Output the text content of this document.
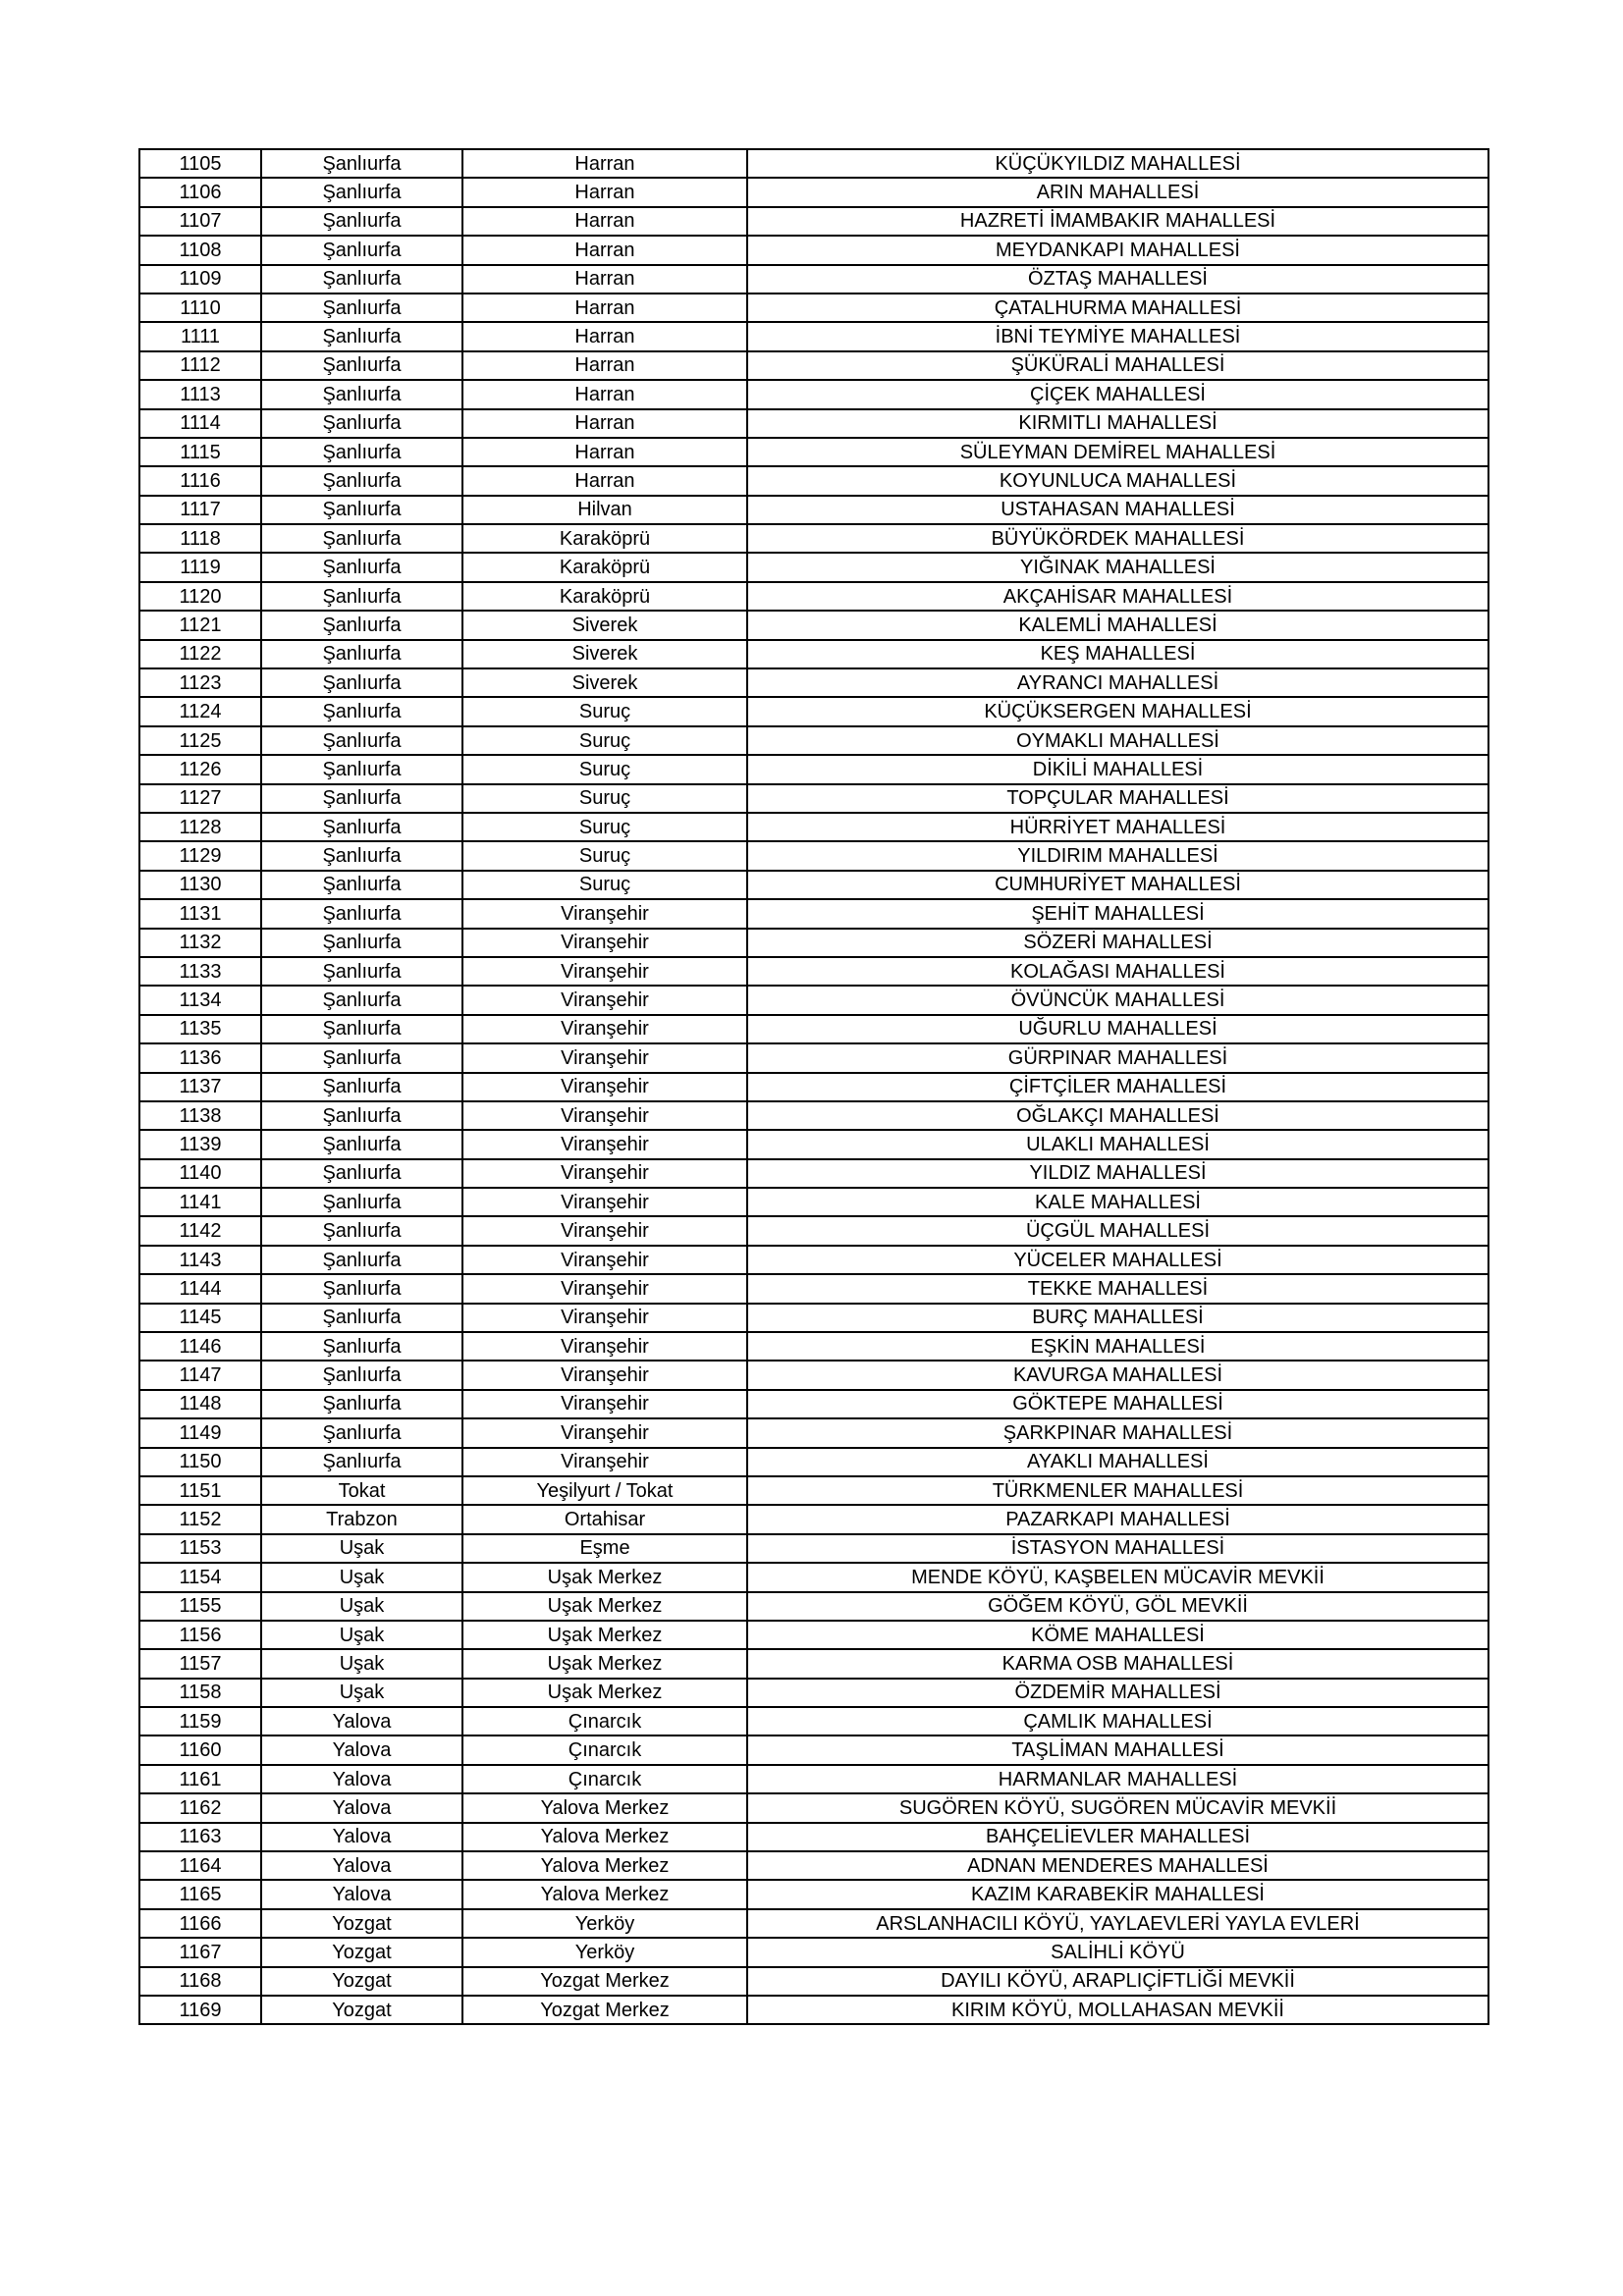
1105	Şanlıurfa	Harran	KÜÇÜKYILDIZ MAHALLESİ
1106	Şanlıurfa	Harran	ARIN MAHALLESİ
1107	Şanlıurfa	Harran	HAZRETİ İMAMBAKIR MAHALLESİ
1108	Şanlıurfa	Harran	MEYDANKAPI MAHALLESİ
1109	Şanlıurfa	Harran	ÖZTAŞ MAHALLESİ
1110	Şanlıurfa	Harran	ÇATALHURMA MAHALLESİ
1111	Şanlıurfa	Harran	İBNİ TEYMİYE MAHALLESİ
1112	Şanlıurfa	Harran	ŞÜKÜRALİ MAHALLESİ
1113	Şanlıurfa	Harran	ÇİÇEK MAHALLESİ
1114	Şanlıurfa	Harran	KIRMITLI MAHALLESİ
1115	Şanlıurfa	Harran	SÜLEYMAN DEMİREL MAHALLESİ
1116	Şanlıurfa	Harran	KOYUNLUCA MAHALLESİ
1117	Şanlıurfa	Hilvan	USTAHASAN MAHALLESİ
1118	Şanlıurfa	Karaköprü	BÜYÜKÖRDEK MAHALLESİ
1119	Şanlıurfa	Karaköprü	YIĞINAK MAHALLESİ
1120	Şanlıurfa	Karaköprü	AKÇAHİSAR MAHALLESİ
1121	Şanlıurfa	Siverek	KALEMLİ MAHALLESİ
1122	Şanlıurfa	Siverek	KEŞ MAHALLESİ
1123	Şanlıurfa	Siverek	AYRANCI MAHALLESİ
1124	Şanlıurfa	Suruç	KÜÇÜKSERGEN MAHALLESİ
1125	Şanlıurfa	Suruç	OYMAKLI MAHALLESİ
1126	Şanlıurfa	Suruç	DİKİLİ MAHALLESİ
1127	Şanlıurfa	Suruç	TOPÇULAR MAHALLESİ
1128	Şanlıurfa	Suruç	HÜRRİYET MAHALLESİ
1129	Şanlıurfa	Suruç	YILDIRIM MAHALLESİ
1130	Şanlıurfa	Suruç	CUMHURİYET MAHALLESİ
1131	Şanlıurfa	Viranşehir	ŞEHİT MAHALLESİ
1132	Şanlıurfa	Viranşehir	SÖZERİ MAHALLESİ
1133	Şanlıurfa	Viranşehir	KOLAĞASI MAHALLESİ
1134	Şanlıurfa	Viranşehir	ÖVÜNCÜK MAHALLESİ
1135	Şanlıurfa	Viranşehir	UĞURLU MAHALLESİ
1136	Şanlıurfa	Viranşehir	GÜRPINAR MAHALLESİ
1137	Şanlıurfa	Viranşehir	ÇİFTÇİLER MAHALLESİ
1138	Şanlıurfa	Viranşehir	OĞLAKÇI MAHALLESİ
1139	Şanlıurfa	Viranşehir	ULAKLI MAHALLESİ
1140	Şanlıurfa	Viranşehir	YILDIZ MAHALLESİ
1141	Şanlıurfa	Viranşehir	KALE MAHALLESİ
1142	Şanlıurfa	Viranşehir	ÜÇGÜL MAHALLESİ
1143	Şanlıurfa	Viranşehir	YÜCELER MAHALLESİ
1144	Şanlıurfa	Viranşehir	TEKKE MAHALLESİ
1145	Şanlıurfa	Viranşehir	BURÇ MAHALLESİ
1146	Şanlıurfa	Viranşehir	EŞKİN MAHALLESİ
1147	Şanlıurfa	Viranşehir	KAVURGA MAHALLESİ
1148	Şanlıurfa	Viranşehir	GÖKTEPE MAHALLESİ
1149	Şanlıurfa	Viranşehir	ŞARKPINAR MAHALLESİ
1150	Şanlıurfa	Viranşehir	AYAKLI MAHALLESİ
1151	Tokat	Yeşilyurt / Tokat	TÜRKMENLER MAHALLESİ
1152	Trabzon	Ortahisar	PAZARKAPI MAHALLESİ
1153	Uşak	Eşme	İSTASYON MAHALLESİ
1154	Uşak	Uşak Merkez	MENDE KÖYÜ, KAŞBELEN MÜCAVİR MEVKİİ
1155	Uşak	Uşak Merkez	GÖĞEM KÖYÜ, GÖL MEVKİİ
1156	Uşak	Uşak Merkez	KÖME MAHALLESİ
1157	Uşak	Uşak Merkez	KARMA OSB MAHALLESİ
1158	Uşak	Uşak Merkez	ÖZDEMİR MAHALLESİ
1159	Yalova	Çınarcık	ÇAMLIK MAHALLESİ
1160	Yalova	Çınarcık	TAŞLİMAN MAHALLESİ
1161	Yalova	Çınarcık	HARMANLAR MAHALLESİ
1162	Yalova	Yalova Merkez	SUGÖREN KÖYÜ, SUGÖREN MÜCAVİR MEVKİİ
1163	Yalova	Yalova Merkez	BAHÇELİEVLER MAHALLESİ
1164	Yalova	Yalova Merkez	ADNAN MENDERES MAHALLESİ
1165	Yalova	Yalova Merkez	KAZIM KARABEKİR MAHALLESİ
1166	Yozgat	Yerköy	ARSLANHACILI KÖYÜ, YAYLAEVLERİ YAYLA EVLERİ
1167	Yozgat	Yerköy	SALİHLİ KÖYÜ
1168	Yozgat	Yozgat Merkez	DAYILI KÖYÜ, ARAPLIÇİFTLİĞİ MEVKİİ
1169	Yozgat	Yozgat Merkez	KIRIM KÖYÜ, MOLLAHASAN MEVKİİ
